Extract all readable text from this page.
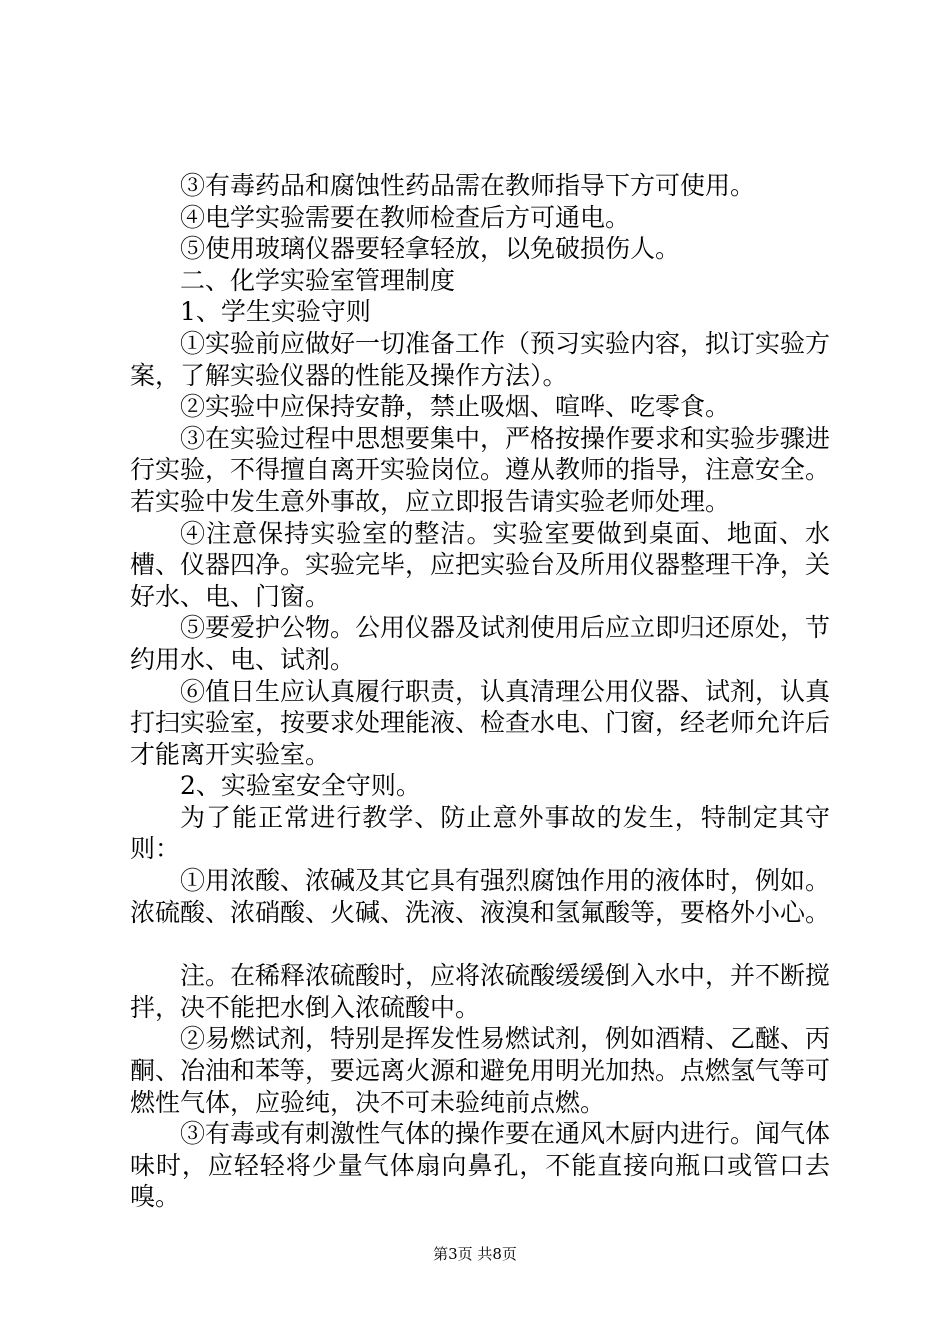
③有毒药品和腐蚀性药品需在教师指导下方可使用。

④电学实验需要在教师检查后方可通电。

⑤使用玻璃仪器要轻拿轻放，以免破损伤人。

二、化学实验室管理制度

1、学生实验守则

①实验前应做好一切准备工作（预习实验内容，拟订实验方案，了解实验仪器的性能及操作方法）。

②实验中应保持安静，禁止吸烟、喧哗、吃零食。

③在实验过程中思想要集中，严格按操作要求和实验步骤进行实验，不得擅自离开实验岗位。遵从教师的指导，注意安全。若实验中发生意外事故，应立即报告请实验老师处理。

④注意保持实验室的整洁。实验室要做到桌面、地面、水槽、仪器四净。实验完毕，应把实验台及所用仪器整理干净，关好水、电、门窗。

⑤要爱护公物。公用仪器及试剂使用后应立即归还原处，节约用水、电、试剂。

⑥值日生应认真履行职责，认真清理公用仪器、试剂，认真打扫实验室，按要求处理能液、检查水电、门窗，经老师允许后才能离开实验室。

2、实验室安全守则。

为了能正常进行教学、防止意外事故的发生，特制定其守则：

①用浓酸、浓碱及其它具有强烈腐蚀作用的液体时，例如。浓硫酸、浓硝酸、火碱、洗液、液溴和氢氟酸等，要格外小心。

注。在稀释浓硫酸时，应将浓硫酸缓缓倒入水中，并不断搅拌，决不能把水倒入浓硫酸中。

②易燃试剂，特别是挥发性易燃试剂，例如酒精、乙醚、丙酮、冶油和苯等，要远离火源和避免用明光加热。点燃氢气等可燃性气体，应验纯，决不可未验纯前点燃。

③有毒或有刺激性气体的操作要在通风木厨内进行。闻气体味时，应轻轻将少量气体扇向鼻孔，不能直接向瓶口或管口去嗅。

第3页 共8页
